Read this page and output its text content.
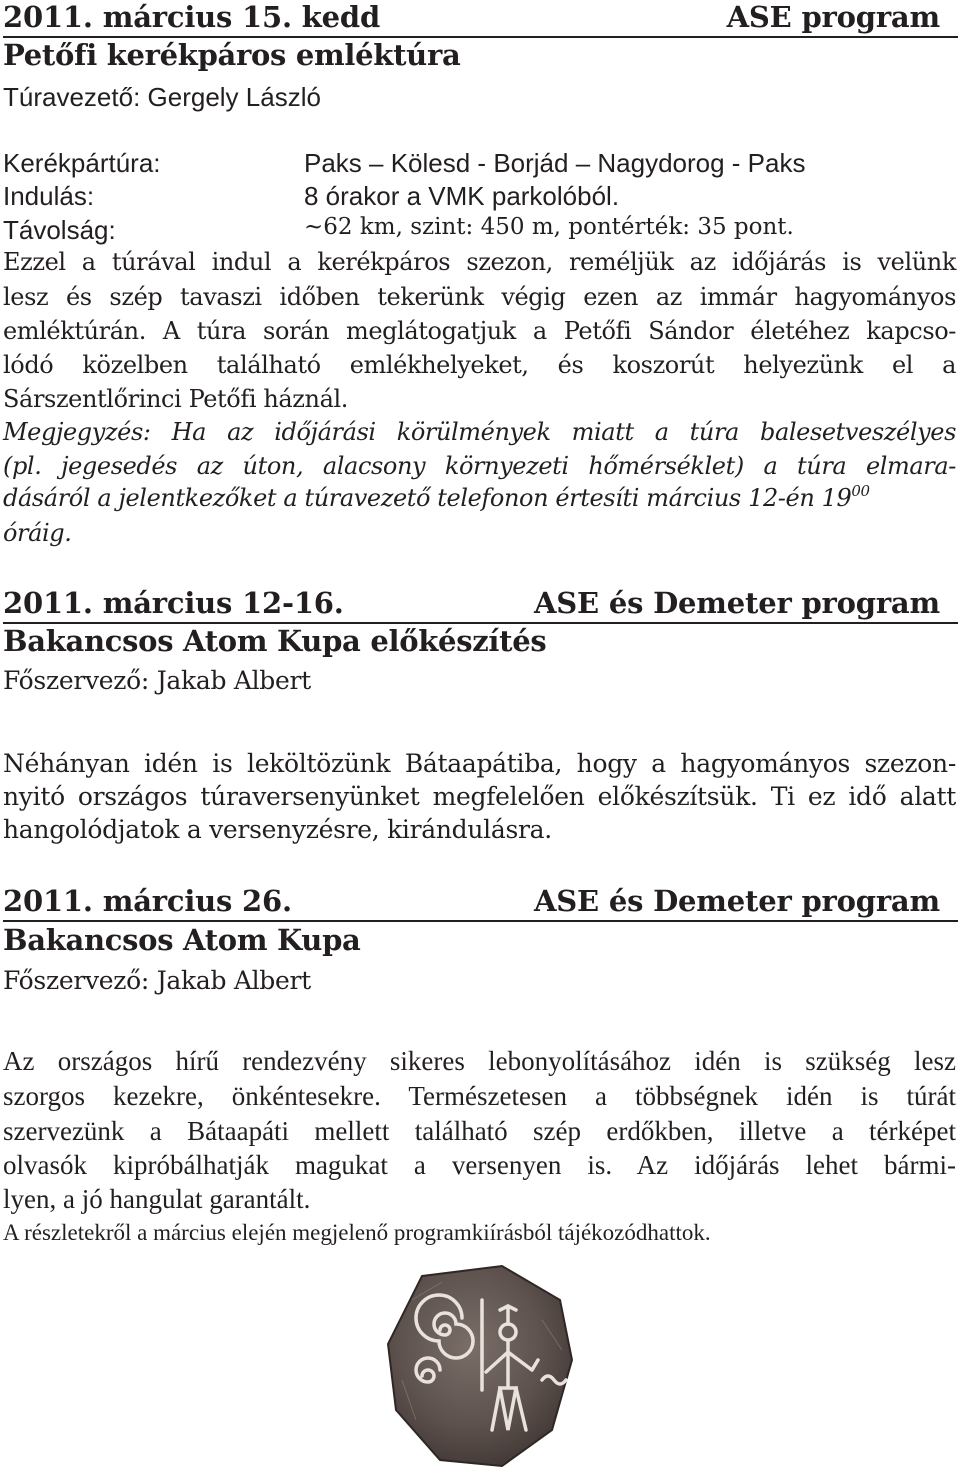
2011. március 15. kedd	ASE program
Petőfi kerékpáros emléktúra
Túravezető: Gergely László
Kerékpártúra:	Paks – Kölesd - Borjád – Nagydorog - Paks
Indulás:	8 órakor a VMK parkolóból.
Távolság:	~62 km, szint: 450 m, pontérték: 35 pont.
Ezzel a túrával indul a kerékpáros szezon, reméljük az időjárás is velünk
lesz és szép tavaszi időben tekerünk végig ezen az immár hagyományos
emléktúrán. A túra során meglátogatjuk a Petőfi Sándor életéhez kapcso-
lódó közelben található emlékhelyeket, és koszorút helyezünk el a
Sárszentlőrinci Petőfi háznál.
Megjegyzés: Ha az időjárási körülmények miatt a túra balesetveszélyes
(pl. jegesedés az úton, alacsony környezeti hőmérséklet) a túra elmara-
dásáról a jelentkezőket a túravezető telefonon értesíti március 12-én $19^{00}$
óráig.
2011. március 12-16.	ASE és Demeter program
Bakancsos Atom Kupa előkészítés
Főszervező: Jakab Albert
Néhányan idén is leköltözünk Bátaapátiba, hogy a hagyományos szezon-
nyitó országos túraversenyünket megfelelően előkészítsük. Ti ez idő alatt
hangolódjatok a versenyzésre, kirándulásra.
2011. március 26.	ASE és Demeter program
Bakancsos Atom Kupa
Főszervező: Jakab Albert
Az országos hírű rendezvény sikeres lebonyolításához idén is szükség lesz
szorgos kezekre, önkéntesekre. Természetesen a többségnek idén is túrát
szervezünk a Bátaapáti mellett található szép erdőkben, illetve a térképet
olvasók kipróbálhatják magukat a versenyen is. Az időjárás lehet bármi-
lyen, a jó hangulat garantált.
A részletekről a március elején megjelenő programkiírásból tájékozódhattok.
